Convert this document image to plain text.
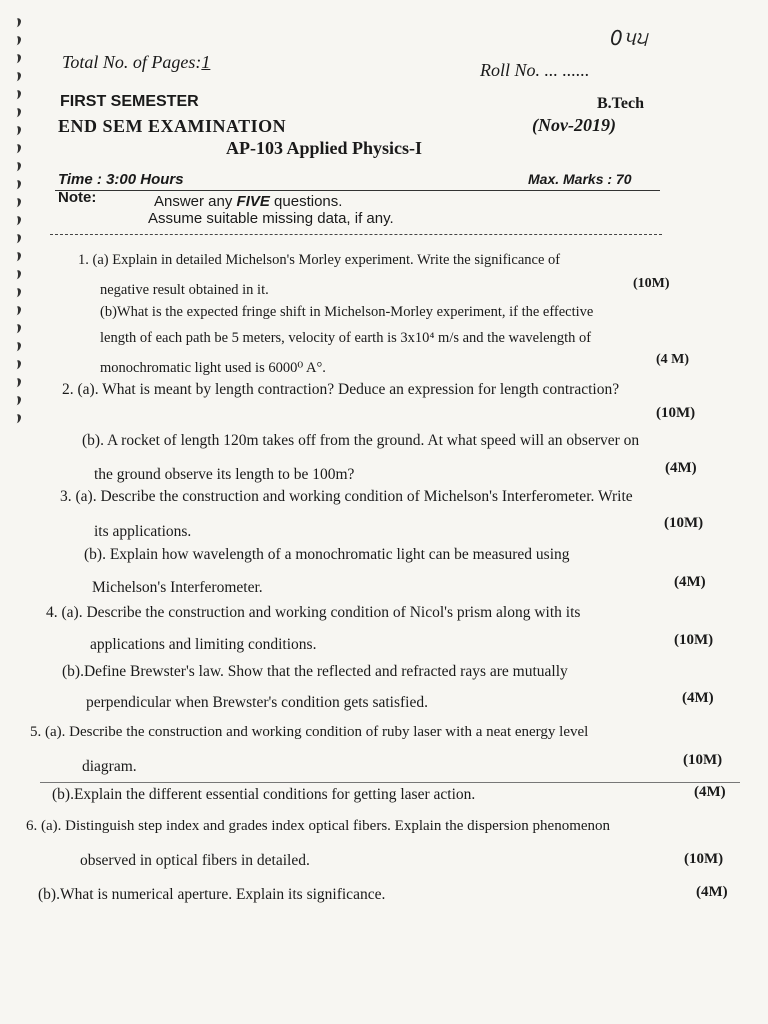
Total No. of Pages:1	Roll No. ... ......
0૫੫
FIRST SEMESTER	B.Tech
END SEM EXAMINATION	(Nov-2019)
AP-103 Applied Physics-I
Time : 3:00 Hours	Max. Marks : 70
Note:	Answer any FIVE questions.
Assume suitable missing data, if any.
1. (a) Explain in detailed Michelson's Morley experiment. Write the significance of
negative result obtained in it.	(10M)
(b)What is the expected fringe shift in Michelson-Morley experiment, if the effective
length of each path be 5 meters, velocity of earth is 3x10⁴ m/s and the wavelength of
monochromatic light used is 6000⁰ A°.
(4 M)
2. (a). What is meant by length contraction? Deduce an expression for length contraction?
(10M)
(b). A rocket of length 120m takes off from the ground. At what speed will an observer on
the ground observe its length to be 100m?	(4M)
3. (a). Describe the construction and working condition of Michelson's Interferometer. Write
its applications.	(10M)
(b). Explain how wavelength of a monochromatic light can be measured using
Michelson's Interferometer.	(4M)
4. (a). Describe the construction and working condition of Nicol's prism along with its
applications and limiting conditions.	(10M)
(b).Define Brewster's law. Show that the reflected and refracted rays are mutually
perpendicular when Brewster's condition gets satisfied.	(4M)
5. (a). Describe the construction and working condition of ruby laser with a neat energy level
diagram.	(10M)
(b).Explain the different essential conditions for getting laser action.	(4M)
6. (a). Distinguish step index and grades index optical fibers. Explain the dispersion phenomenon
observed in optical fibers in detailed.	(10M)
(b).What is numerical aperture. Explain its significance.	(4M)
